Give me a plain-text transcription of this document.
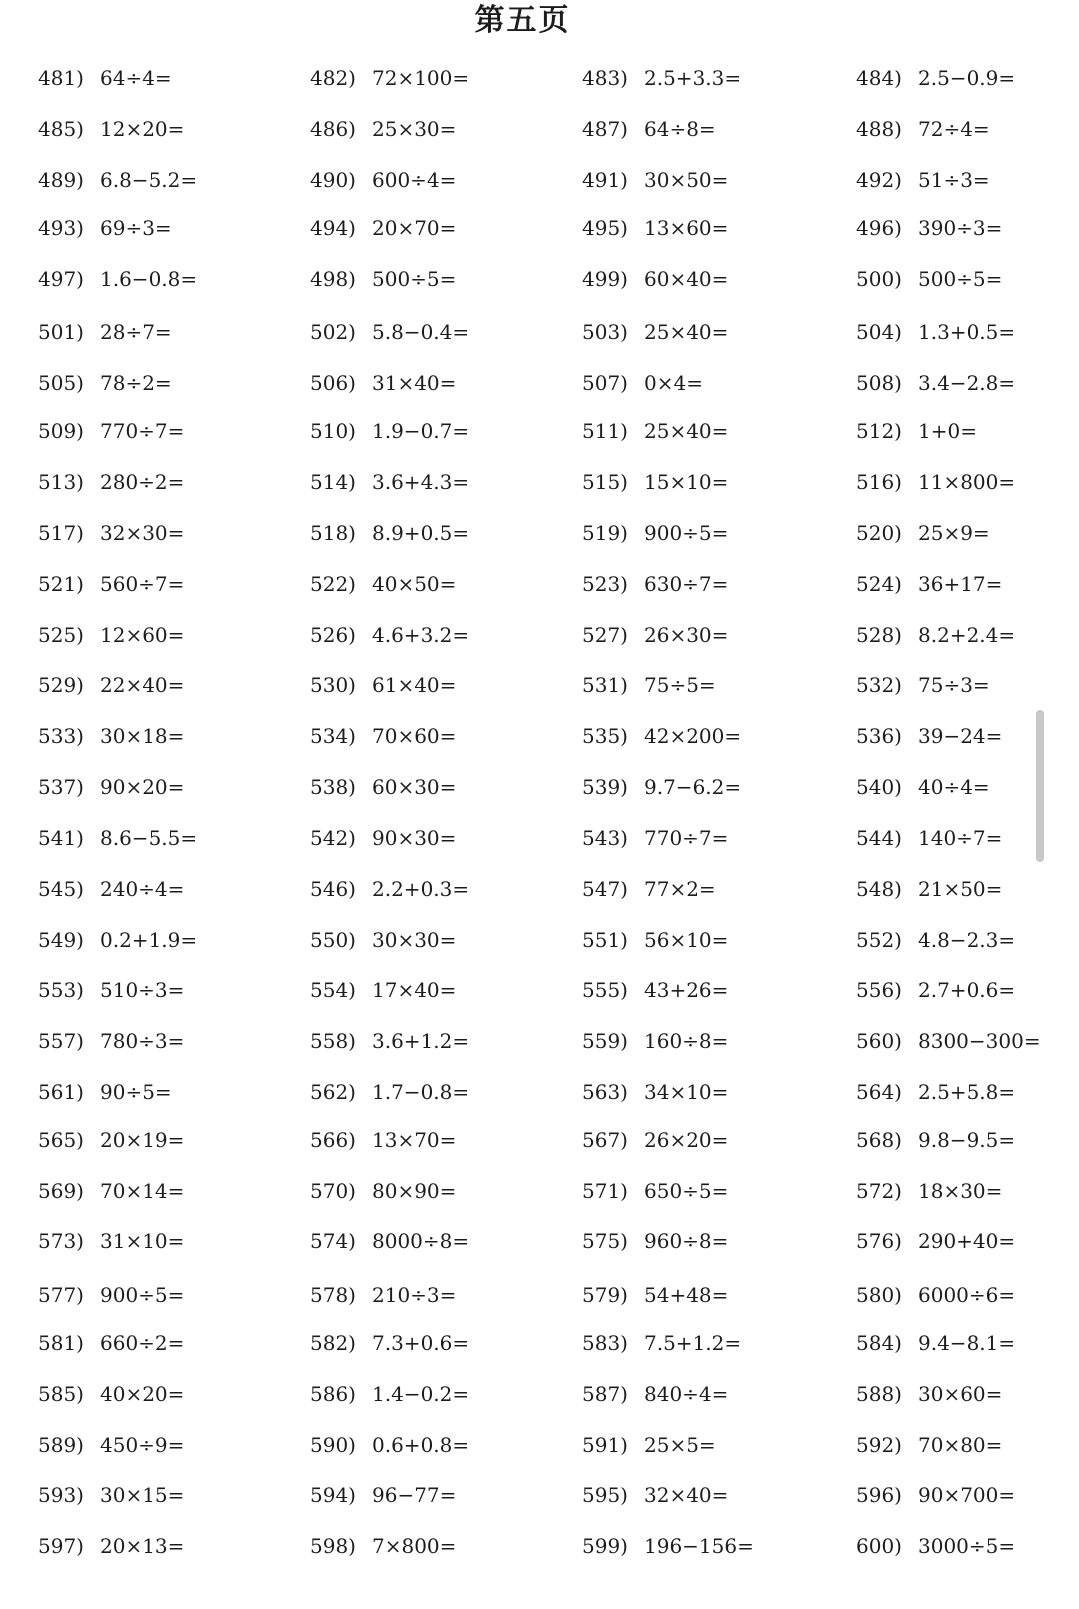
第五页
481) 64÷4=	482) 72×100=	483) 2.5+3.3=	484) 2.5−0.9=
485) 12×20=	486) 25×30=	487) 64÷8=	488) 72÷4=
489) 6.8−5.2=	490) 600÷4=	491) 30×50=	492) 51÷3=
493) 69÷3=	494) 20×70=	495) 13×60=	496) 390÷3=
497) 1.6−0.8=	498) 500÷5=	499) 60×40=	500) 500÷5=
501) 28÷7=	502) 5.8−0.4=	503) 25×40=	504) 1.3+0.5=
505) 78÷2=	506) 31×40=	507) 0×4=	508) 3.4−2.8=
509) 770÷7=	510) 1.9−0.7=	511) 25×40=	512) 1+0=
513) 280÷2=	514) 3.6+4.3=	515) 15×10=	516) 11×800=
517) 32×30=	518) 8.9+0.5=	519) 900÷5=	520) 25×9=
521) 560÷7=	522) 40×50=	523) 630÷7=	524) 36+17=
525) 12×60=	526) 4.6+3.2=	527) 26×30=	528) 8.2+2.4=
529) 22×40=	530) 61×40=	531) 75÷5=	532) 75÷3=
533) 30×18=	534) 70×60=	535) 42×200=	536) 39−24=
537) 90×20=	538) 60×30=	539) 9.7−6.2=	540) 40÷4=
541) 8.6−5.5=	542) 90×30=	543) 770÷7=	544) 140÷7=
545) 240÷4=	546) 2.2+0.3=	547) 77×2=	548) 21×50=
549) 0.2+1.9=	550) 30×30=	551) 56×10=	552) 4.8−2.3=
553) 510÷3=	554) 17×40=	555) 43+26=	556) 2.7+0.6=
557) 780÷3=	558) 3.6+1.2=	559) 160÷8=	560) 8300−300=
561) 90÷5=	562) 1.7−0.8=	563) 34×10=	564) 2.5+5.8=
565) 20×19=	566) 13×70=	567) 26×20=	568) 9.8−9.5=
569) 70×14=	570) 80×90=	571) 650÷5=	572) 18×30=
573) 31×10=	574) 8000÷8=	575) 960÷8=	576) 290+40=
577) 900÷5=	578) 210÷3=	579) 54+48=	580) 6000÷6=
581) 660÷2=	582) 7.3+0.6=	583) 7.5+1.2=	584) 9.4−8.1=
585) 40×20=	586) 1.4−0.2=	587) 840÷4=	588) 30×60=
589) 450÷9=	590) 0.6+0.8=	591) 25×5=	592) 70×80=
593) 30×15=	594) 96−77=	595) 32×40=	596) 90×700=
597) 20×13=	598) 7×800=	599) 196−156=	600) 3000÷5=
